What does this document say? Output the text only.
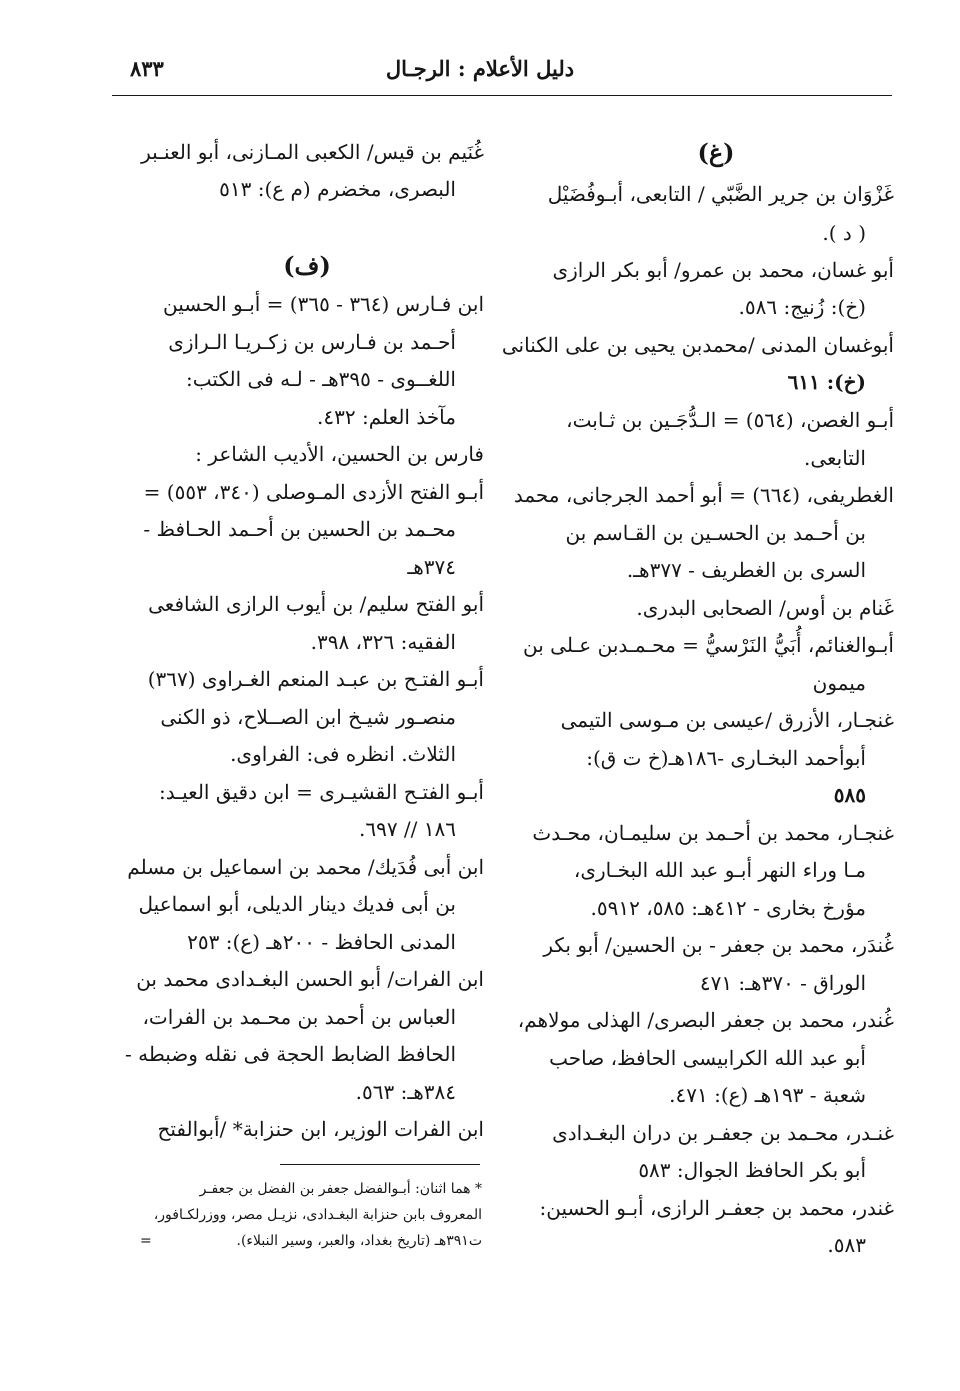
دليل الأعلام : الرجـال
٨٣٣
(غ)
غَزْوَان بن جرير الضَّبّي / التابعى، أبـوفُضَيْل
( د ).
أبو غسان، محمد بن عمرو/ أبو بكر الرازى
(خ): زُنيج: ٥٨٦.
أبوغسان المدنى /محمدبن يحيى بن على الكنانى
(خ): ٦١١
أبـو الغصن، (٥٦٤) = الـدُّجَـين بن ثـابت،
التابعى.
الغطريفى، (٦٦٤) = أبو أحمد الجرجانى، محمد
بن أحـمد بن الحسـين بن القـاسم بن
السرى بن الغطريف - ٣٧٧هـ.
غَنام بن أوس/ الصحابى البدرى.
أبـوالغنائم، أُبَيُّ النَرْسيُّ = محـمـدبن عـلى بن
ميمون
غنجـار، الأزرق /عيسى بن مـوسى التيمى
أبوأحمد البخـارى -١٨٦هـ(خ ت ق):
٥٨٥
غنجـار، محمد بن أحـمد بن سليمـان، محـدث
مـا وراء النهر أبـو عبد الله البخـارى،
مؤرخ بخارى - ٤١٢هـ: ٥٨٥، ٥٩١٢.
غُندَر، محمد بن جعفر - بن الحسين/ أبو بكر
الوراق - ٣٧٠هـ: ٤٧١
غُندر، محمد بن جعفر البصرى/ الهذلى مولاهم،
أبو عبد الله الكرابيسى الحافظ، صاحب
شعبة - ١٩٣هـ (ع): ٤٧١.
غنـدر، محـمد بن جعفـر بن دران البغـدادى
أبو بكر الحافظ الجوال: ٥٨٣
غندر، محمد بن جعفـر الرازى، أبـو الحسين:
٥٨٣.
غُنَيم بن قيس/ الكعبى المـازنى، أبو العنـبر
البصرى، مخضرم (م ع): ٥١٣
(ف)
ابن فـارس (٣٦٤ - ٣٦٥) = أبـو الحسين
أحـمد بن فـارس بن زكـريـا الـرازى
اللغــوى - ٣٩٥هـ - لـه فى الكتب:
مآخذ العلم: ٤٣٢.
فارس بن الحسين، الأديب الشاعر :
أبـو الفتح الأزدى المـوصلى (٣٤٠، ٥٥٣) =
محـمد بن الحسين بن أحـمد الحـافظ -
٣٧٤هـ
أبو الفتح سليم/ بن أيوب الرازى الشافعى
الفقيه: ٣٢٦، ٣٩٨.
أبـو الفتـح بن عبـد المنعم الغـراوى (٣٦٧)
منصـور شيـخ ابن الصــلاح، ذو الكنى
الثلاث. انظره فى: الفراوى.
أبـو الفتـح القشيـرى = ابن دقيق العيـد:
١٨٦ // ٦٩٧.
ابن أبى فُدَيك/ محمد بن اسماعيل بن مسلم
بن أبى فديك دينار الديلى، أبو اسماعيل
المدنى الحافظ - ٢٠٠هـ (ع): ٢٥٣
ابن الفرات/ أبو الحسن البغـدادى محمد بن
العباس بن أحمد بن محـمد بن الفرات،
الحافظ الضابط الحجة فى نقله وضبطه -
٣٨٤هـ: ٥٦٣.
ابن الفرات الوزير، ابن حنزابة* /أبوالفتح
* هما اثنان: أبـوالفضل جعفر بن الفضل بن جعفـر
المعروف بابن حنزابة البغـدادى، نزيـل مصر، ووزرلكـافور،
ت٣٩١هـ (تاريخ بغداد، والعبر، وسير النبلاء).
=
